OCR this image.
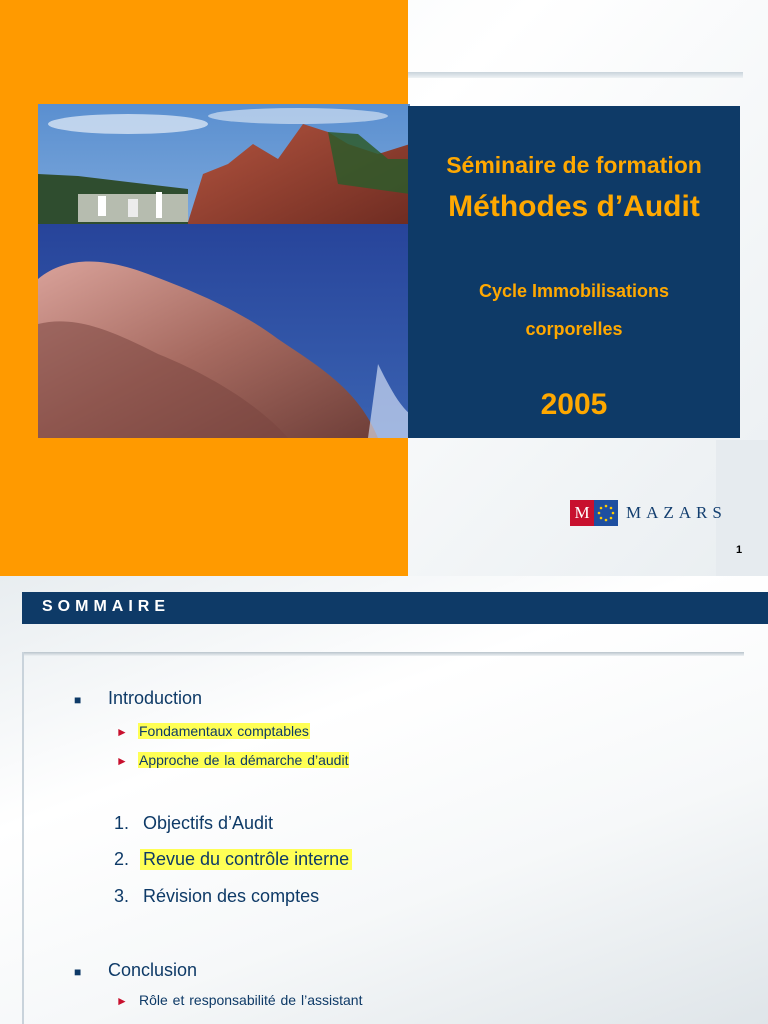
Séminaire de formation
Méthodes d’Audit
Cycle Immobilisations
corporelles
2005
M MAZARS
1
SOMMAIRE
■ Introduction
► Fondamentaux comptables
► Approche de la démarche d’audit
1. Objectifs d’Audit
2. Revue du contrôle interne
3. Révision des comptes
■ Conclusion
► Rôle et responsabilité de l’assistant
